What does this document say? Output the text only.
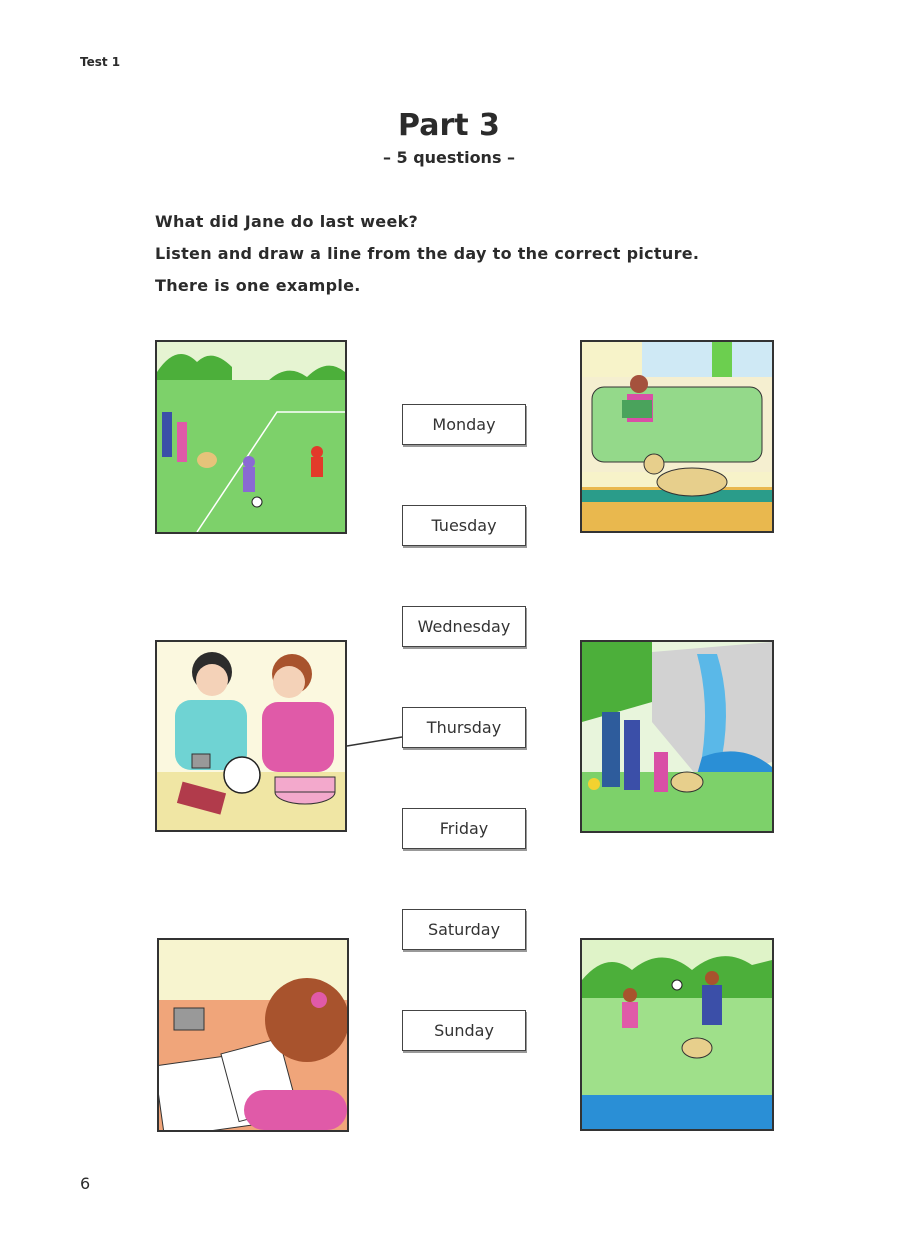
Test 1
Part 3
– 5 questions –
What did Jane do last week?
Listen and draw a line from the day to the correct picture.
There is one example.
Monday
Tuesday
Wednesday
Thursday
Friday
Saturday
Sunday
6
